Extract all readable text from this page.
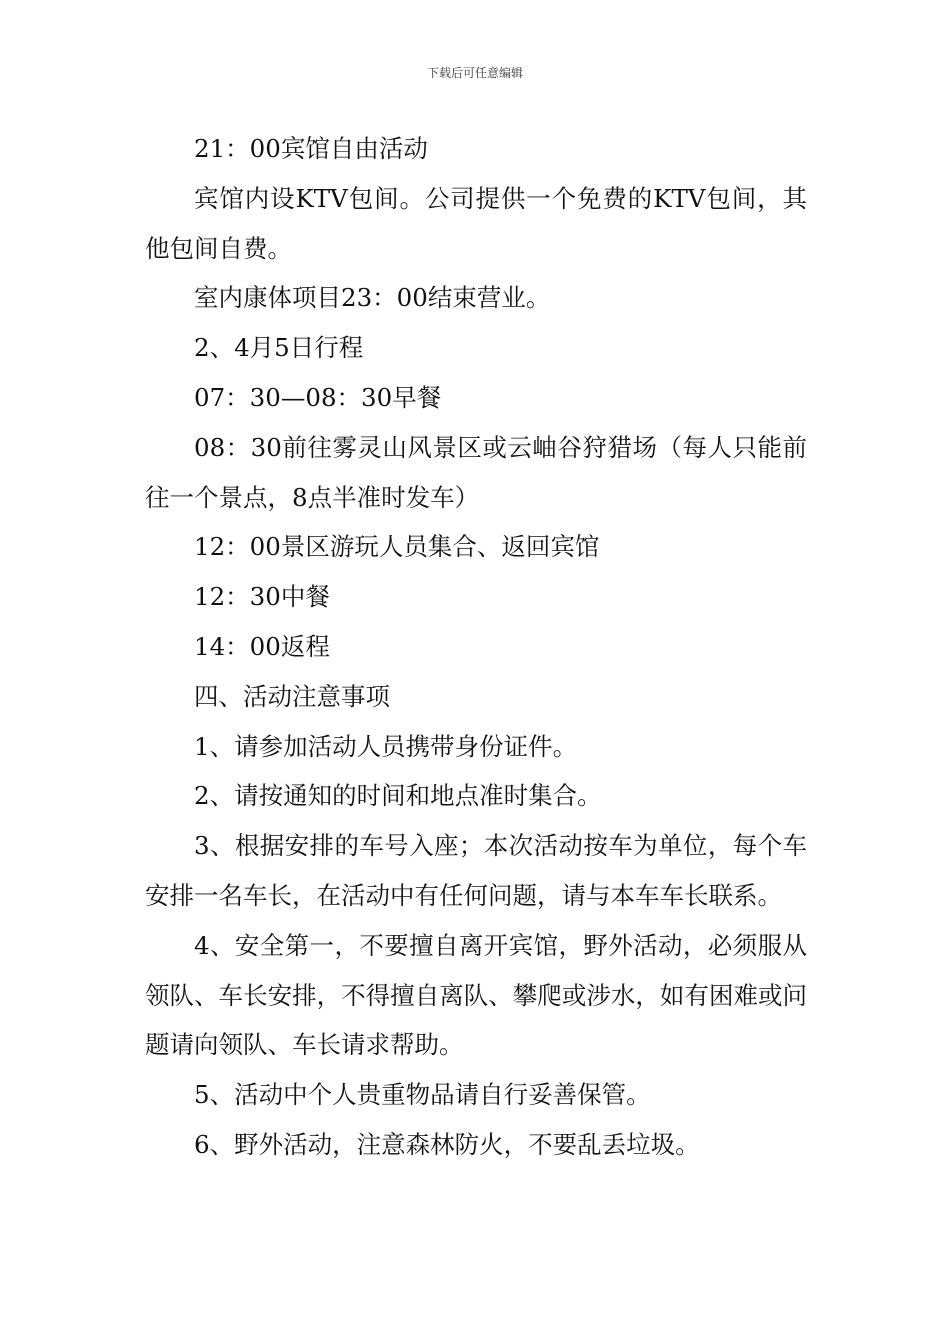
下载后可任意编辑

21：00宾馆自由活动

宾馆内设KTV包间。公司提供一个免费的KTV包间，其他包间自费。

室内康体项目23：00结束营业。

2、4月5日行程

07：30—08：30早餐

08：30前往雾灵山风景区或云岫谷狩猎场（每人只能前往一个景点，8点半准时发车）

12：00景区游玩人员集合、返回宾馆

12：30中餐

14：00返程

四、活动注意事项

1、请参加活动人员携带身份证件。

2、请按通知的时间和地点准时集合。

3、根据安排的车号入座；本次活动按车为单位，每个车安排一名车长，在活动中有任何问题，请与本车车长联系。

4、安全第一，不要擅自离开宾馆，野外活动，必须服从领队、车长安排，不得擅自离队、攀爬或涉水，如有困难或问题请向领队、车长请求帮助。

5、活动中个人贵重物品请自行妥善保管。

6、野外活动，注意森林防火，不要乱丢垃圾。
